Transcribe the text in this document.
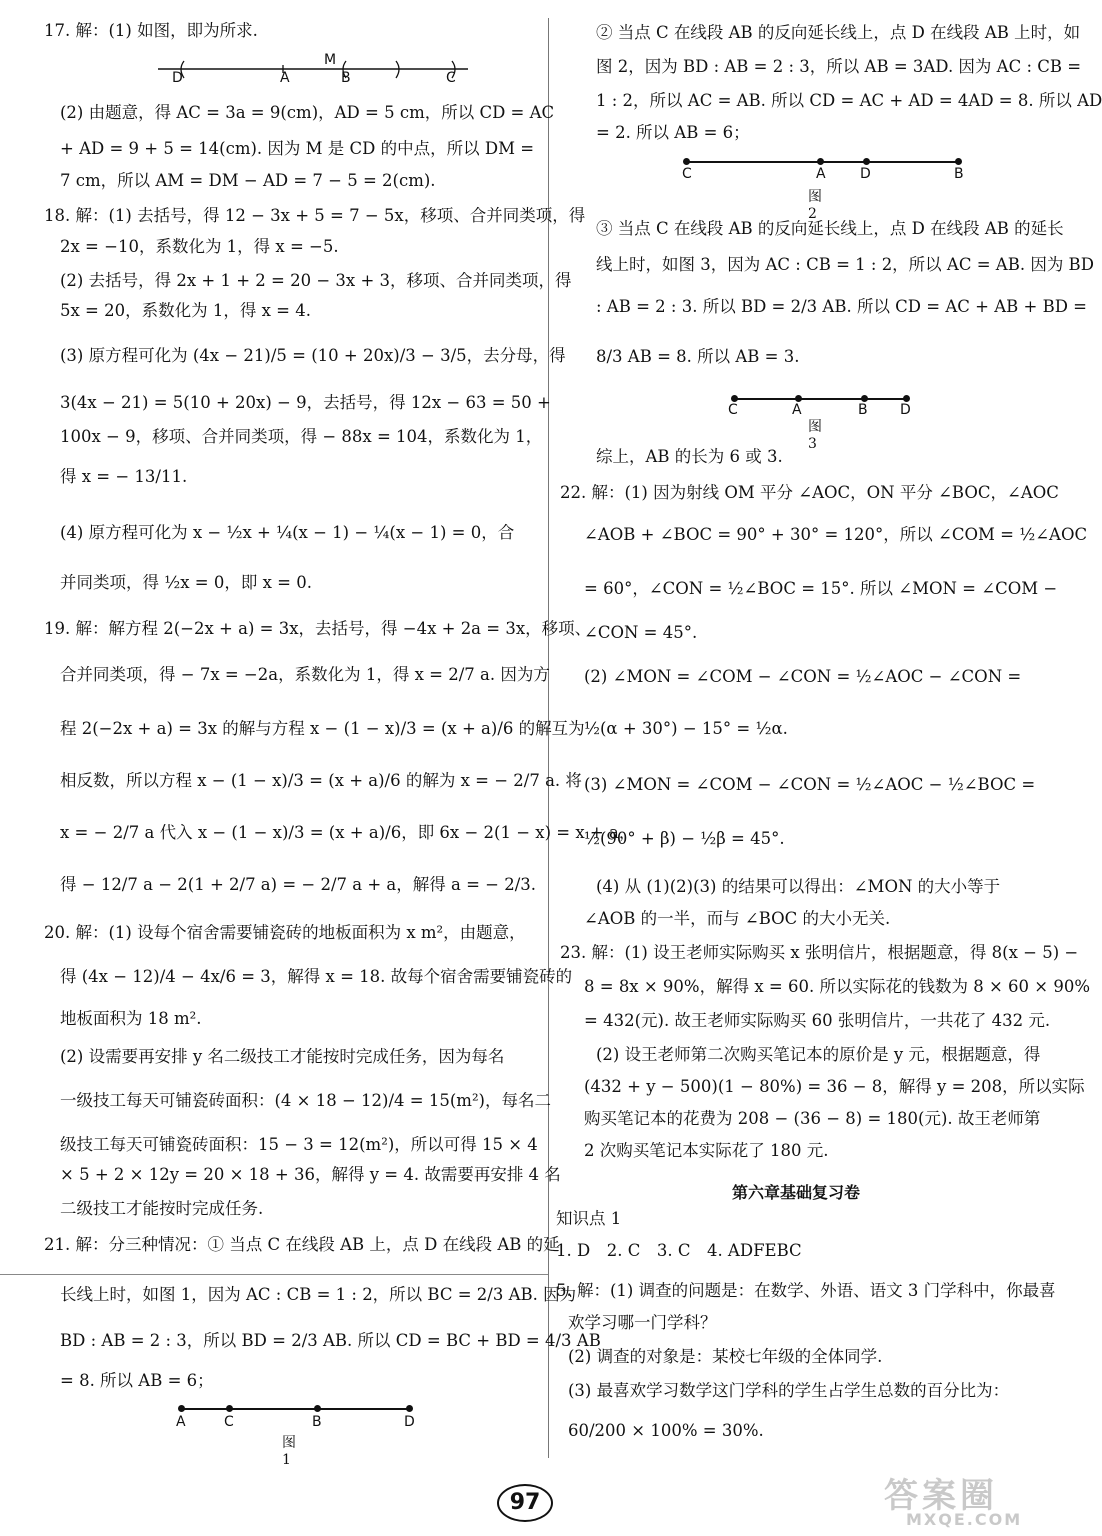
17. 解：(1) 如图，即为所求.
D	A
M
B	C
(2) 由题意，得 AC = 3a = 9(cm)，AD = 5 cm，所以 CD = AC
+ AD = 9 + 5 = 14(cm). 因为 M 是 CD 的中点，所以 DM =
7 cm，所以 AM = DM − AD = 7 − 5 = 2(cm).
18. 解：(1) 去括号，得 12 − 3x + 5 = 7 − 5x，移项、合并同类项，得
2x = −10，系数化为 1，得 x = −5.
(2) 去括号，得 2x + 1 + 2 = 20 − 3x + 3，移项、合并同类项，得
5x = 20，系数化为 1，得 x = 4.
(3) 原方程可化为 (4x − 21)/5 = (10 + 20x)/3 − 3/5，去分母，得
3(4x − 21) = 5(10 + 20x) − 9，去括号，得 12x − 63 = 50 +
100x − 9，移项、合并同类项，得 − 88x = 104，系数化为 1，
得 x = − 13/11.
(4) 原方程可化为 x − ½x + ¼(x − 1) − ¼(x − 1) = 0，合
并同类项，得 ½x = 0，即 x = 0.
19. 解：解方程 2(−2x + a) = 3x，去括号，得 −4x + 2a = 3x，移项、
合并同类项，得 − 7x = −2a，系数化为 1，得 x = 2/7 a. 因为方
程 2(−2x + a) = 3x 的解与方程 x − (1 − x)/3 = (x + a)/6 的解互为
相反数，所以方程 x − (1 − x)/3 = (x + a)/6 的解为 x = − 2/7 a. 将
x = − 2/7 a 代入 x − (1 − x)/3 = (x + a)/6，即 6x − 2(1 − x) = x + a，
得 − 12/7 a − 2(1 + 2/7 a) = − 2/7 a + a，解得 a = − 2/3.
20. 解：(1) 设每个宿舍需要铺瓷砖的地板面积为 x m²，由题意，
得 (4x − 12)/4 − 4x/6 = 3，解得 x = 18. 故每个宿舍需要铺瓷砖的
地板面积为 18 m².
(2) 设需要再安排 y 名二级技工才能按时完成任务，因为每名
一级技工每天可铺瓷砖面积：(4 × 18 − 12)/4 = 15(m²)，每名二
级技工每天可铺瓷砖面积：15 − 3 = 12(m²)，所以可得 15 × 4
× 5 + 2 × 12y = 20 × 18 + 36，解得 y = 4. 故需要再安排 4 名
二级技工才能按时完成任务.
21. 解：分三种情况：① 当点 C 在线段 AB 上，点 D 在线段 AB 的延
长线上时，如图 1，因为 AC : CB = 1 : 2，所以 BC = 2/3 AB. 因为
BD : AB = 2 : 3，所以 BD = 2/3 AB. 所以 CD = BC + BD = 4/3 AB
= 8. 所以 AB = 6；
A	C	B	D
图1
② 当点 C 在线段 AB 的反向延长线上，点 D 在线段 AB 上时，如
图 2，因为 BD : AB = 2 : 3，所以 AB = 3AD. 因为 AC : CB =
1 : 2，所以 AC = AB. 所以 CD = AC + AD = 4AD = 8. 所以 AD
= 2. 所以 AB = 6；
C	A D	B
图2
③ 当点 C 在线段 AB 的反向延长线上，点 D 在线段 AB 的延长
线上时，如图 3，因为 AC : CB = 1 : 2，所以 AC = AB. 因为 BD
: AB = 2 : 3. 所以 BD = 2/3 AB. 所以 CD = AC + AB + BD =
8/3 AB = 8. 所以 AB = 3.
C	A	B D
图3
综上，AB 的长为 6 或 3.
22. 解：(1) 因为射线 OM 平分 ∠AOC，ON 平分 ∠BOC，∠AOC
∠AOB + ∠BOC = 90° + 30° = 120°，所以 ∠COM = ½∠AOC
= 60°，∠CON = ½∠BOC = 15°. 所以 ∠MON = ∠COM −
∠CON = 45°.
(2) ∠MON = ∠COM − ∠CON = ½∠AOC − ∠CON =
½(α + 30°) − 15° = ½α.
(3) ∠MON = ∠COM − ∠CON = ½∠AOC − ½∠BOC =
½(90° + β) − ½β = 45°.
(4) 从 (1)(2)(3) 的结果可以得出：∠MON 的大小等于
∠AOB 的一半，而与 ∠BOC 的大小无关.
23. 解：(1) 设王老师实际购买 x 张明信片，根据题意，得 8(x − 5) −
8 = 8x × 90%，解得 x = 60. 所以实际花的钱数为 8 × 60 × 90%
= 432(元). 故王老师实际购买 60 张明信片，一共花了 432 元.
(2) 设王老师第二次购买笔记本的原价是 y 元，根据题意，得
(432 + y − 500)(1 − 80%) = 36 − 8，解得 y = 208，所以实际
购买笔记本的花费为 208 − (36 − 8) = 180(元). 故王老师第
2 次购买笔记本实际花了 180 元.
第六章基础复习卷
知识点 1
1. D　2. C　3. C　4. ADFEBC
5. 解：(1) 调查的问题是：在数学、外语、语文 3 门学科中，你最喜
欢学习哪一门学科？
(2) 调查的对象是：某校七年级的全体同学.
(3) 最喜欢学习数学这门学科的学生占学生总数的百分比为：
60/200 × 100% = 30%.
97	答案圈
MXQE.COM
